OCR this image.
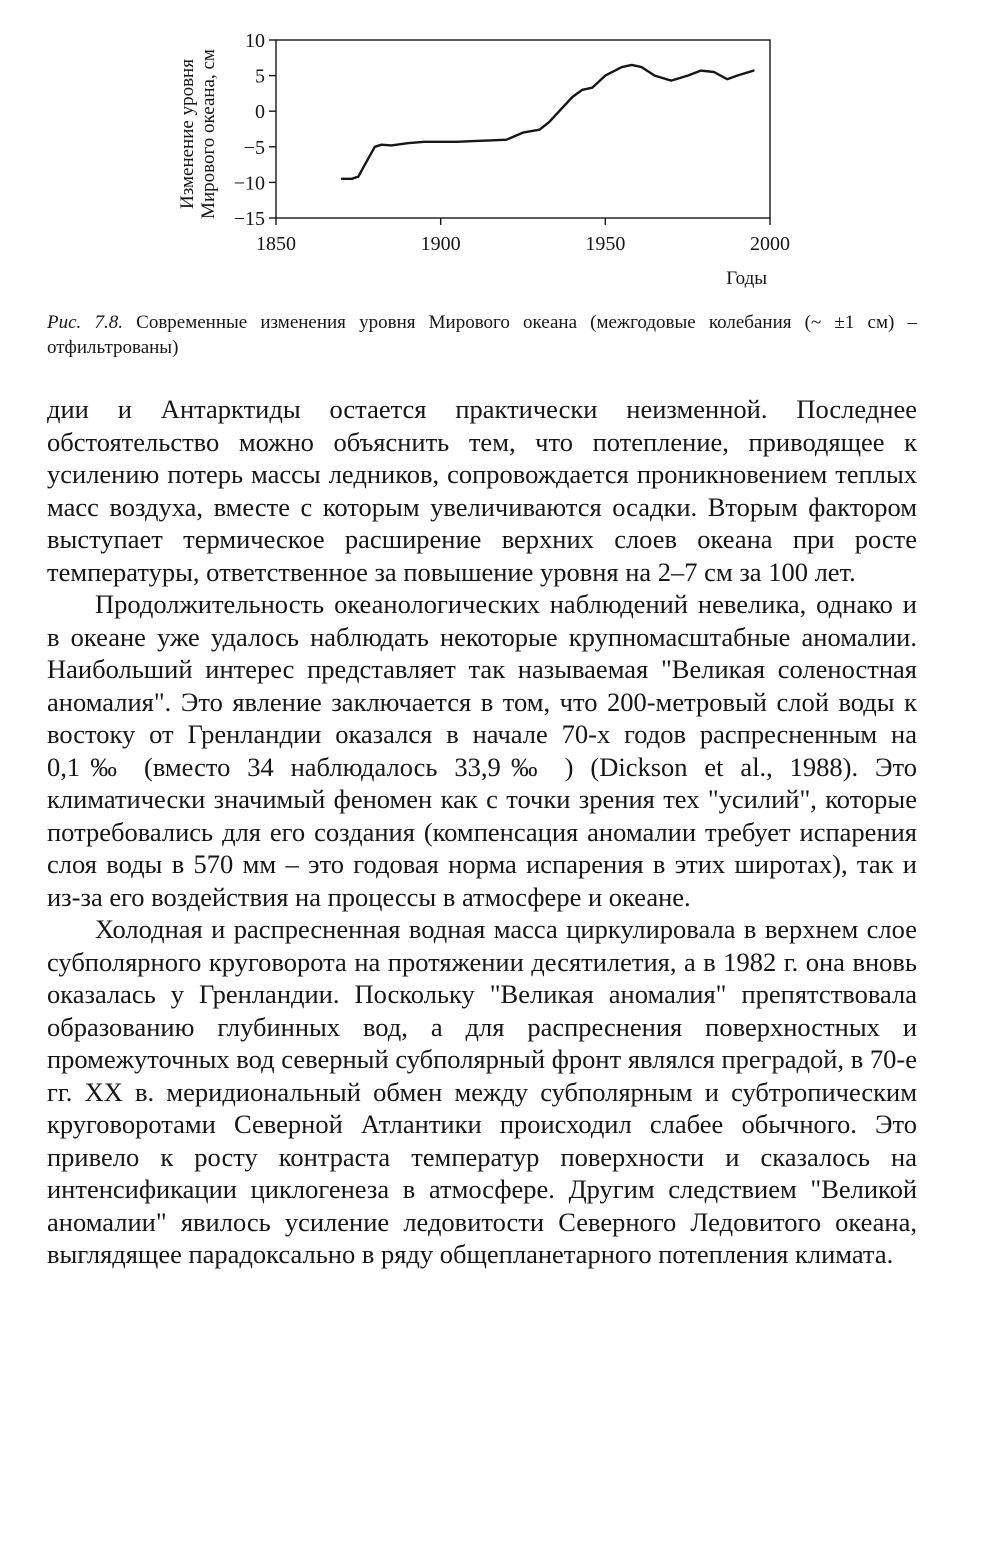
−15
−10
−5
0
5
10
1850	1900	1950	2000
Годы
Изменение уровняМирового океана, см
Рис. 7.8. Современные изменения уровня Мирового океана (межгодовые колебания (~ ±1 см) – отфильтрованы)

дии и Антарктиды остается практически неизменной. Последнее обстоятельство можно объяснить тем, что потепление, приводящее к усилению потерь массы ледников, сопровождается проникновением теплых масс воздуха, вместе с которым увеличиваются осадки. Вторым фактором выступает термическое расширение верхних слоев океана при росте температуры, ответственное за повышение уровня на 2–7 см за 100 лет.

Продолжительность океанологических наблюдений невелика, однако и в океане уже удалось наблюдать некоторые крупномасштабные аномалии. Наибольший интерес представляет так называемая "Великая соленостная аномалия". Это явление заключается в том, что 200-метровый слой воды к востоку от Гренландии оказался в начале 70-х годов распресненным на 0,1‰ (вместо 34 наблюдалось 33,9‰ ) (Dickson et al., 1988). Это климатически значимый феномен как с точки зрения тех "усилий", которые потребовались для его создания (компенсация аномалии требует испарения слоя воды в 570 мм – это годовая норма испарения в этих широтах), так и из-за его воздействия на процессы в атмосфере и океане.

Холодная и распресненная водная масса циркулировала в верхнем слое субполярного круговорота на протяжении десятилетия, а в 1982 г. она вновь оказалась у Гренландии. Поскольку "Великая аномалия" препятствовала образованию глубинных вод, а для распреснения поверхностных и промежуточных вод северный субполярный фронт являлся преградой, в 70-е гг. XX в. меридиональный обмен между субполярным и субтропическим круговоротами Северной Атлантики происходил слабее обычного. Это привело к росту контраста температур поверхности и сказалось на интенсификации циклогенеза в атмосфере. Другим следствием "Великой аномалии" явилось усиление ледовитости Северного Ледовитого океана, выглядящее парадоксально в ряду общепланетарного потепления климата.
